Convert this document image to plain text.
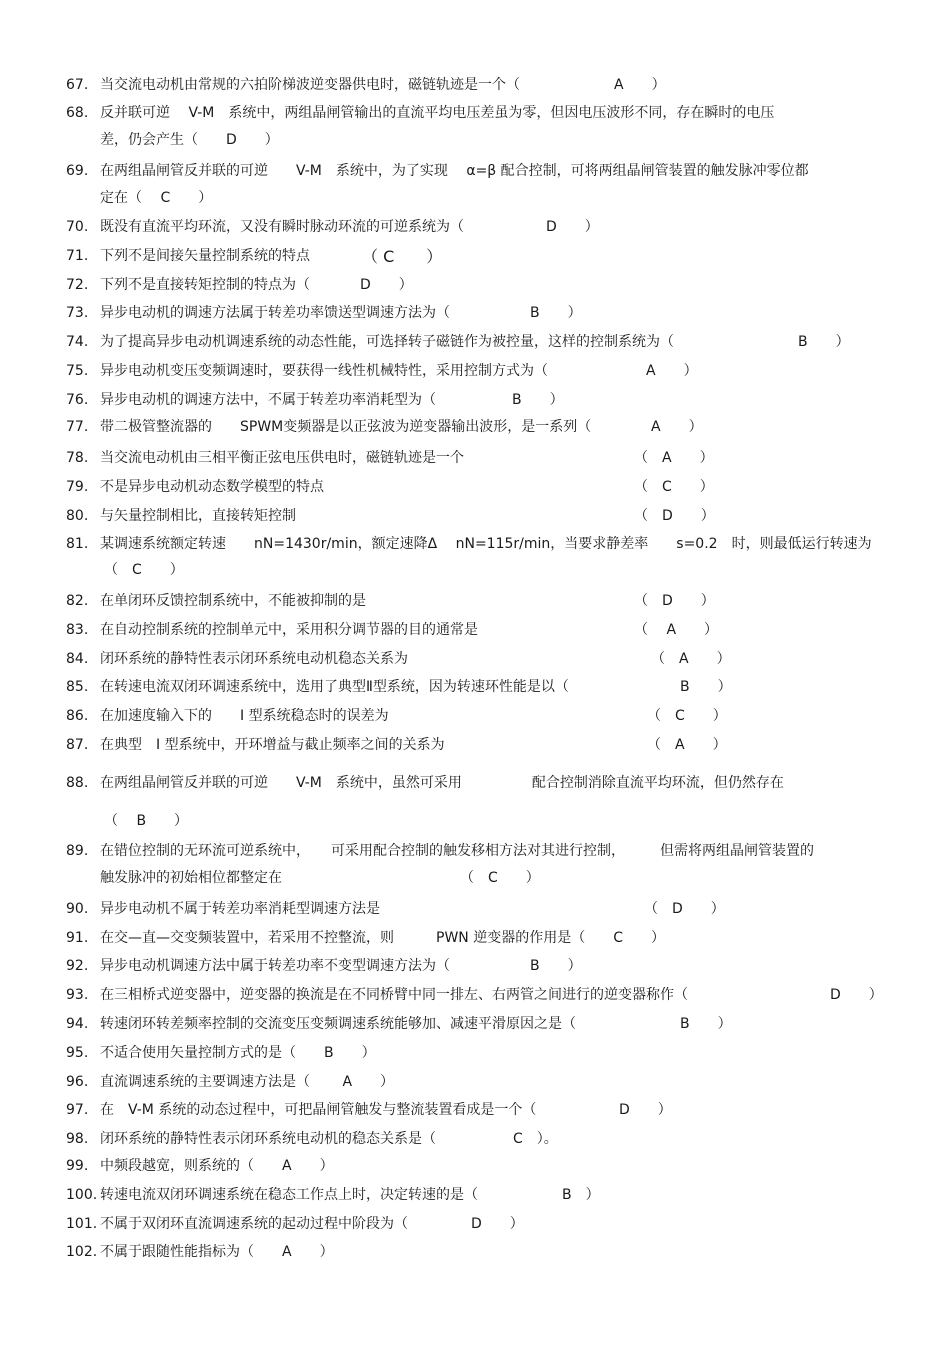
67. 当交流电动机由常规的六拍阶梯波逆变器供电时，磁链轨迹是一个（	A　　）
68. 反并联可逆　 V-M　系统中，两组晶闸管输出的直流平均电压差虽为零，但因电压波形不同，存在瞬时的电压
差，仍会产生（　　D　　）
69. 在两组晶闸管反并联的可逆　　V-M　系统中，为了实现　 α=β 配合控制，可将两组晶闸管装置的触发脉冲零位都
定在（　 C　　）
70. 既没有直流平均环流，又没有瞬时脉动环流的可逆系统为（	D　　）
71. 下列不是间接矢量控制系统的特点	（ C　　）
72. 下列不是直接转矩控制的特点为（	D　　）
73. 异步电动机的调速方法属于转差功率馈送型调速方法为（	B　　）
74. 为了提高异步电动机调速系统的动态性能，可选择转子磁链作为被控量，这样的控制系统为（	B　　）
75. 异步电动机变压变频调速时，要获得一线性机械特性，采用控制方式为（	A　　）
76. 异步电动机的调速方法中，不属于转差功率消耗型为（	B　　）
77. 带二极管整流器的　　SPWM变频器是以正弦波为逆变器输出波形，是一系列（	A　　）
78. 当交流电动机由三相平衡正弦电压供电时，磁链轨迹是一个	（　A　　）
79. 不是异步电动机动态数学模型的特点	（　C　　）
80. 与矢量控制相比，直接转矩控制	（　D　　）
81. 某调速系统额定转速　　nN=1430r/min，额定速降Δ　 nN=115r/min，当要求静差率　　s=0.2　时，则最低运行转速为
（　C　　）
82. 在单闭环反馈控制系统中，不能被抑制的是	（　D　　）
83. 在自动控制系统的控制单元中，采用积分调节器的目的通常是	（　 A　　）
84. 闭环系统的静特性表示闭环系统电动机稳态关系为	（　A　　）
85. 在转速电流双闭环调速系统中，选用了典型Ⅱ型系统，因为转速环性能是以（	B　　）
86. 在加速度输入下的　　Ⅰ 型系统稳态时的误差为	（　C　　）
87. 在典型　Ⅰ 型系统中，开环增益与截止频率之间的关系为	（　A　　）
88. 在两组晶闸管反并联的可逆　　V-M　系统中，虽然可采用　　　　　配合控制消除直流平均环流，但仍然存在
（　 B　　）
89. 在错位控制的无环流可逆系统中，　　可采用配合控制的触发移相方法对其进行控制，　　　但需将两组晶闸管装置的
触发脉冲的初始相位都整定在	（　C　　）
90. 异步电动机不属于转差功率消耗型调速方法是	（　D　　）
91. 在交—直—交变频装置中，若采用不控整流，则　　　PWN 逆变器的作用是（　　C　　）
92. 异步电动机调速方法中属于转差功率不变型调速方法为（	B　　）
93. 在三相桥式逆变器中，逆变器的换流是在不同桥臂中同一排左、右两管之间进行的逆变器称作（	D　　）
94. 转速闭环转差频率控制的交流变压变频调速系统能够加、减速平滑原因之是（	B　　）
95. 不适合使用矢量控制方式的是（　　B　　）
96. 直流调速系统的主要调速方法是（　　 A　　）
97. 在　V-M 系统的动态过程中，可把晶闸管触发与整流装置看成是一个（	D　　）
98. 闭环系统的静特性表示闭环系统电动机的稳态关系是（	C　）。
99. 中频段越宽，则系统的（　　A　　）
100. 转速电流双闭环调速系统在稳态工作点上时，决定转速的是（	B　）
101. 不属于双闭环直流调速系统的起动过程中阶段为（	D　　）
102. 不属于跟随性能指标为（　　A　　）
